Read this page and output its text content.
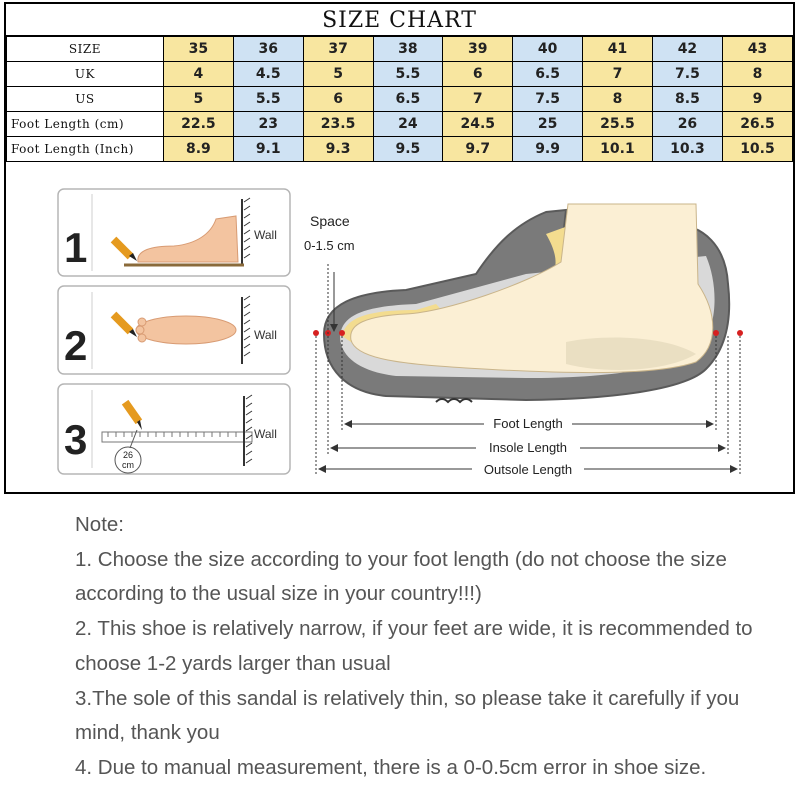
SIZE CHART
SIZE	35	36	37	38	39	40	41	42	43
UK	4	4.5	5	5.5	6	6.5	7	7.5	8
US	5	5.5	6	6.5	7	7.5	8	8.5	9
Foot Length (cm)	22.5	23	23.5	24	24.5	25	25.5	26	26.5
Foot Length (Inch)	8.9	9.1	9.3	9.5	9.7	9.9	10.1	10.3	10.5
1	Wall
2	Wall
3	26
cm
Wall
Foot Length
Insole Length
Outsole Length
Space
0-1.5 cm

Note:

1. Choose the size according to your foot length (do not choose the size according to the usual size in your country!!!)

2. This shoe is relatively narrow, if your feet are wide, it is recommended to choose 1-2 yards larger than usual

3.The sole of this sandal is relatively thin, so please take it carefully if you mind, thank you

4. Due to manual measurement, there is a 0-0.5cm error in shoe size.
